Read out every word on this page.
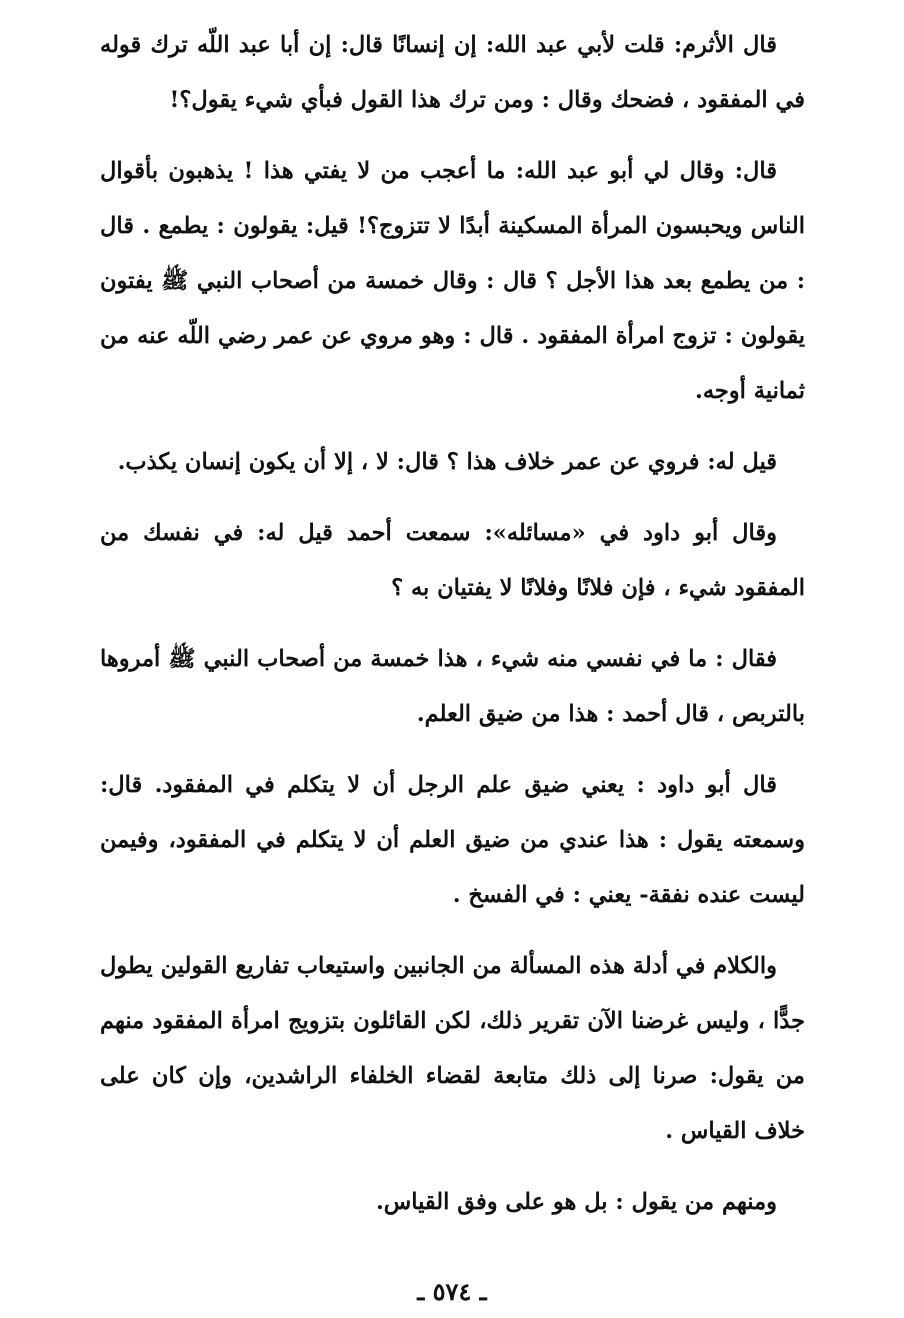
قال الأثرم: قلت لأبي عبد الله: إن إنسانًا قال: إن أبا عبد اللّه ترك قوله في المفقود ، فضحك وقال : ومن ترك هذا القول فبأي شيء يقول؟!

قال: وقال لي أبو عبد الله: ما أعجب من لا يفتي هذا ! يذهبون بأقوال الناس ويحبسون المرأة المسكينة أبدًا لا تتزوج؟! قيل: يقولون : يطمع . قال : من يطمع بعد هذا الأجل ؟ قال : وقال خمسة من أصحاب النبي ﷺ يفتون يقولون : تزوج امرأة المفقود . قال : وهو مروي عن عمر رضي اللّه عنه من ثمانية أوجه.

قيل له: فروي عن عمر خلاف هذا ؟ قال: لا ، إلا أن يكون إنسان يكذب.

وقال أبو داود في «مسائله»: سمعت أحمد قيل له: في نفسك من المفقود شيء ، فإن فلانًا وفلانًا لا يفتيان به ؟

فقال : ما في نفسي منه شيء ، هذا خمسة من أصحاب النبي ﷺ أمروها بالتربص ، قال أحمد : هذا من ضيق العلم.

قال أبو داود : يعني ضيق علم الرجل أن لا يتكلم في المفقود. قال: وسمعته يقول : هذا عندي من ضيق العلم أن لا يتكلم في المفقود، وفيمن ليست عنده نفقة- يعني : في الفسخ .

والكلام في أدلة هذه المسألة من الجانبين واستيعاب تفاريع القولين يطول جدًّا ، وليس غرضنا الآن تقرير ذلك، لكن القائلون بتزويج امرأة المفقود منهم من يقول: صرنا إلى ذلك متابعة لقضاء الخلفاء الراشدين، وإن كان على خلاف القياس .

ومنهم من يقول : بل هو على وفق القياس.

ـ ٥٧٤ ـ
